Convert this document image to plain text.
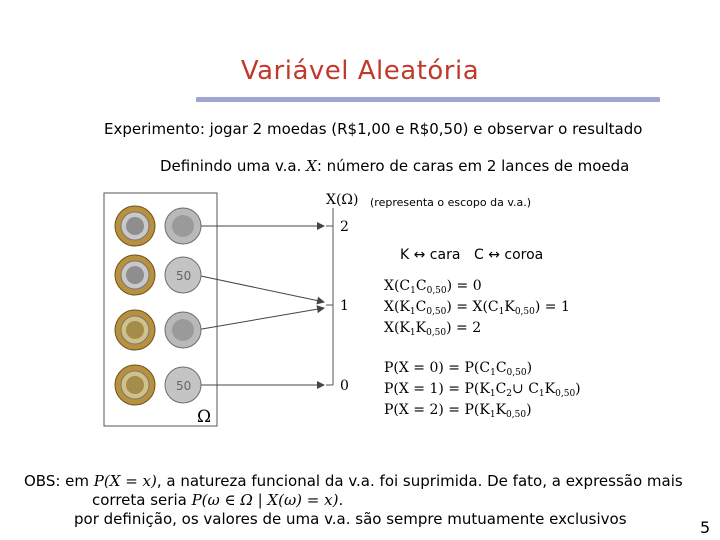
Variável Aleatória
Experimento: jogar 2 moedas (R$1,00 e R$0,50) e observar o resultado
Definindo uma v.a. X: número de caras em 2 lances de moeda
50
50
X(Ω) (representa o escopo da v.a.)
2
1
0
Ω
K ↔ cara C ↔ coroa
$X(C_1C_{0,50}) = 0$
$X(K_1C_{0,50}) = X(C_1K_{0,50}) = 1$
$X(K_1K_{0,50}) = 2$
$P(X = 0) = P(C_1C_{0,50})$
$P(X = 1) = P(K_1C_2\cup$ $C_1K_{0,50}$)
$P(X = 2) = P(K_1K_{0,50})$
OBS: em P(X = x), a natureza funcional da v.a. foi suprimida. De fato, a expressão mais
correta seria P(ω ∈ Ω | X(ω) = x).
por definição, os valores de uma v.a. são sempre mutuamente exclusivos	5
